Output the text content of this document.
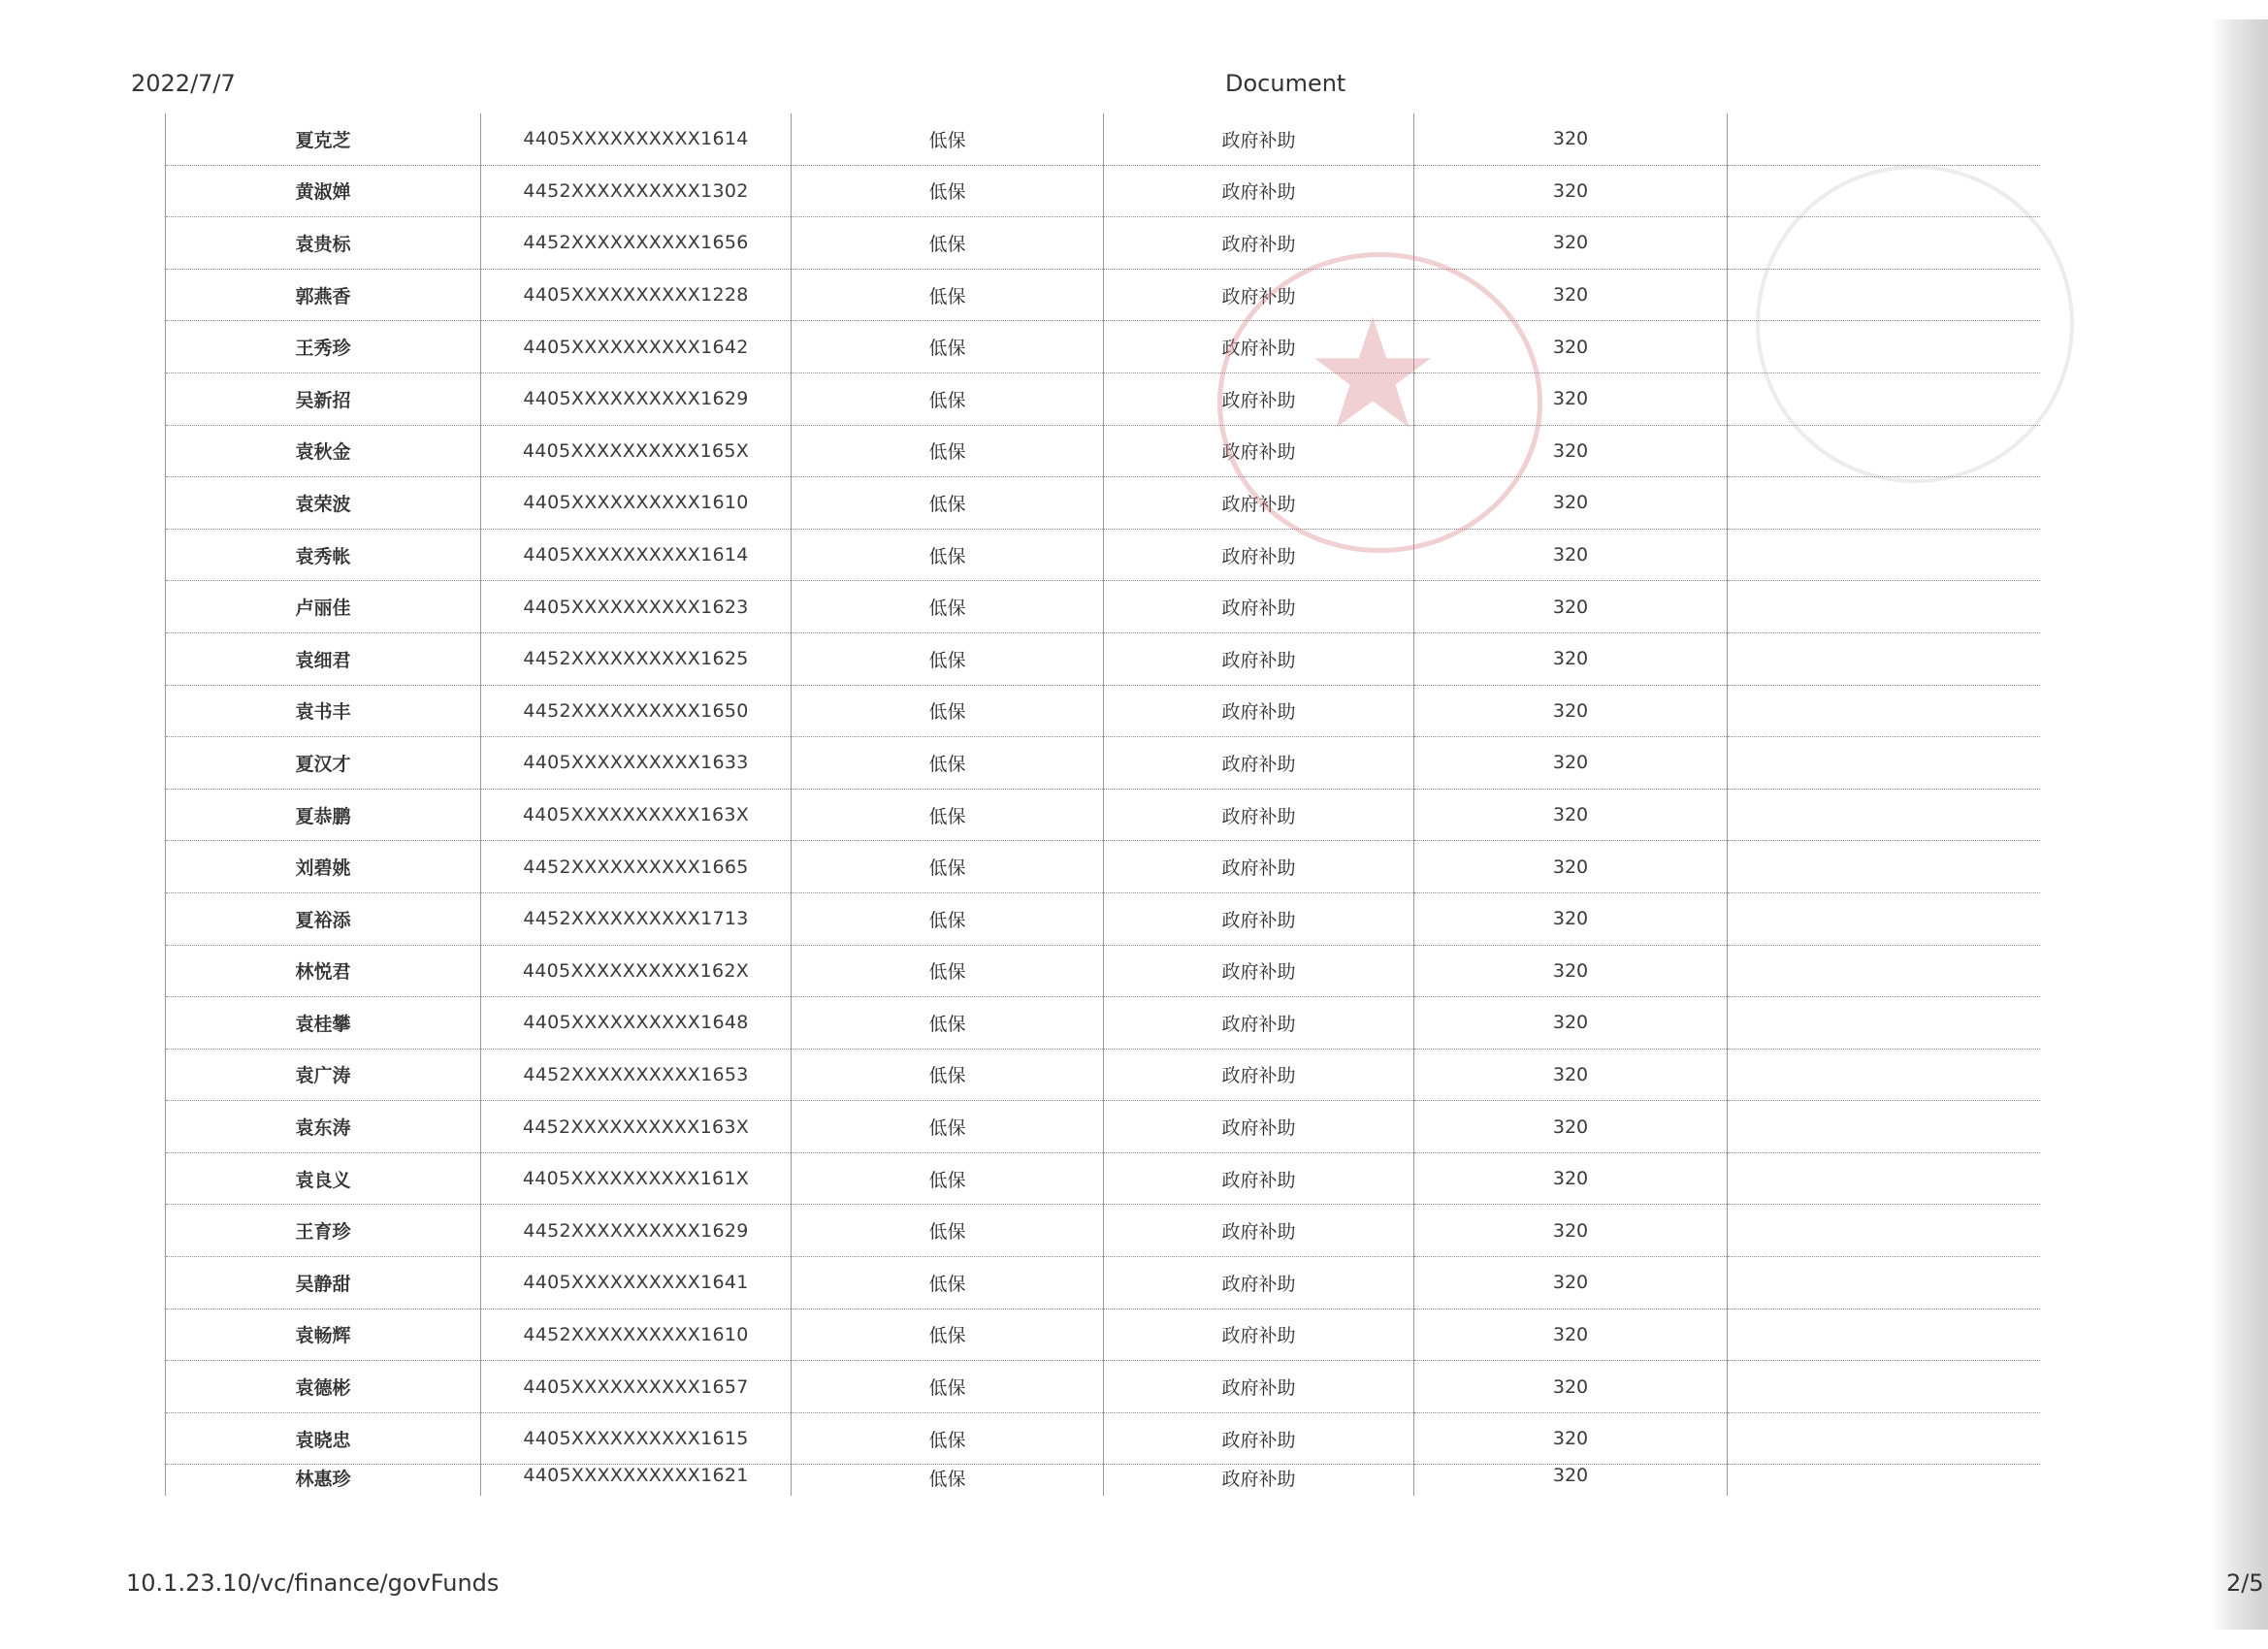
2022/7/7	Document
夏克芝	4405XXXXXXXXXX1614	低保	政府补助	320	
黄淑婵	4452XXXXXXXXXX1302	低保	政府补助	320	
袁贵标	4452XXXXXXXXXX1656	低保	政府补助	320	
郭燕香	4405XXXXXXXXXX1228	低保	政府补助	320	
王秀珍	4405XXXXXXXXXX1642	低保	政府补助	320	
吴新招	4405XXXXXXXXXX1629	低保	政府补助	320	
袁秋金	4405XXXXXXXXXX165X	低保	政府补助	320	
袁荣波	4405XXXXXXXXXX1610	低保	政府补助	320	
袁秀帐	4405XXXXXXXXXX1614	低保	政府补助	320	
卢丽佳	4405XXXXXXXXXX1623	低保	政府补助	320	
袁细君	4452XXXXXXXXXX1625	低保	政府补助	320	
袁书丰	4452XXXXXXXXXX1650	低保	政府补助	320	
夏汉才	4405XXXXXXXXXX1633	低保	政府补助	320	
夏恭鹏	4405XXXXXXXXXX163X	低保	政府补助	320	
刘碧姚	4452XXXXXXXXXX1665	低保	政府补助	320	
夏裕添	4452XXXXXXXXXX1713	低保	政府补助	320	
林悦君	4405XXXXXXXXXX162X	低保	政府补助	320	
袁桂攀	4405XXXXXXXXXX1648	低保	政府补助	320	
袁广涛	4452XXXXXXXXXX1653	低保	政府补助	320	
袁东涛	4452XXXXXXXXXX163X	低保	政府补助	320	
袁良义	4405XXXXXXXXXX161X	低保	政府补助	320	
王育珍	4452XXXXXXXXXX1629	低保	政府补助	320	
吴静甜	4405XXXXXXXXXX1641	低保	政府补助	320	
袁畅辉	4452XXXXXXXXXX1610	低保	政府补助	320	
袁德彬	4405XXXXXXXXXX1657	低保	政府补助	320	
袁晓忠	4405XXXXXXXXXX1615	低保	政府补助	320	
林惠珍	4405XXXXXXXXXX1621	低保	政府补助	320	
10.1.23.10/vc/finance/govFunds	2/5
